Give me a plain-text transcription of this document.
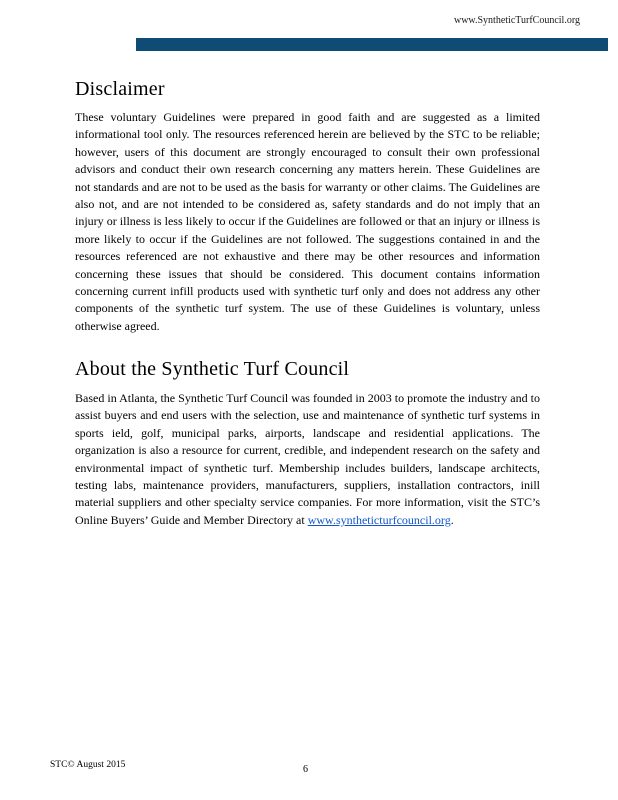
www.SyntheticTurfCouncil.org
Disclaimer

These voluntary Guidelines were prepared in good faith and are suggested as a limited informational tool only. The resources referenced herein are believed by the STC to be reliable; however, users of this document are strongly encouraged to consult their own professional advisors and conduct their own research concerning any matters herein. These Guidelines are not standards and are not to be used as the basis for warranty or other claims. The Guidelines are also not, and are not intended to be considered as, safety standards and do not imply that an injury or illness is less likely to occur if the Guidelines are followed or that an injury or illness is more likely to occur if the Guidelines are not followed. The suggestions contained in and the resources referenced are not exhaustive and there may be other resources and information concerning these issues that should be considered. This document contains information concerning current infill products used with synthetic turf only and does not address any other components of the synthetic turf system. The use of these Guidelines is voluntary, unless otherwise agreed.

About the Synthetic Turf Council

Based in Atlanta, the Synthetic Turf Council was founded in 2003 to promote the industry and to assist buyers and end users with the selection, use and maintenance of synthetic turf systems in sports ield, golf, municipal parks, airports, landscape and residential applications. The organization is also a resource for current, credible, and independent research on the safety and environmental impact of synthetic turf. Membership includes builders, landscape architects, testing labs, maintenance providers, manufacturers, suppliers, installation contractors, inill material suppliers and other specialty service companies. For more information, visit the STC’s Online Buyers’ Guide and Member Directory at www.syntheticturfcouncil.org.

STC© August 2015	6
